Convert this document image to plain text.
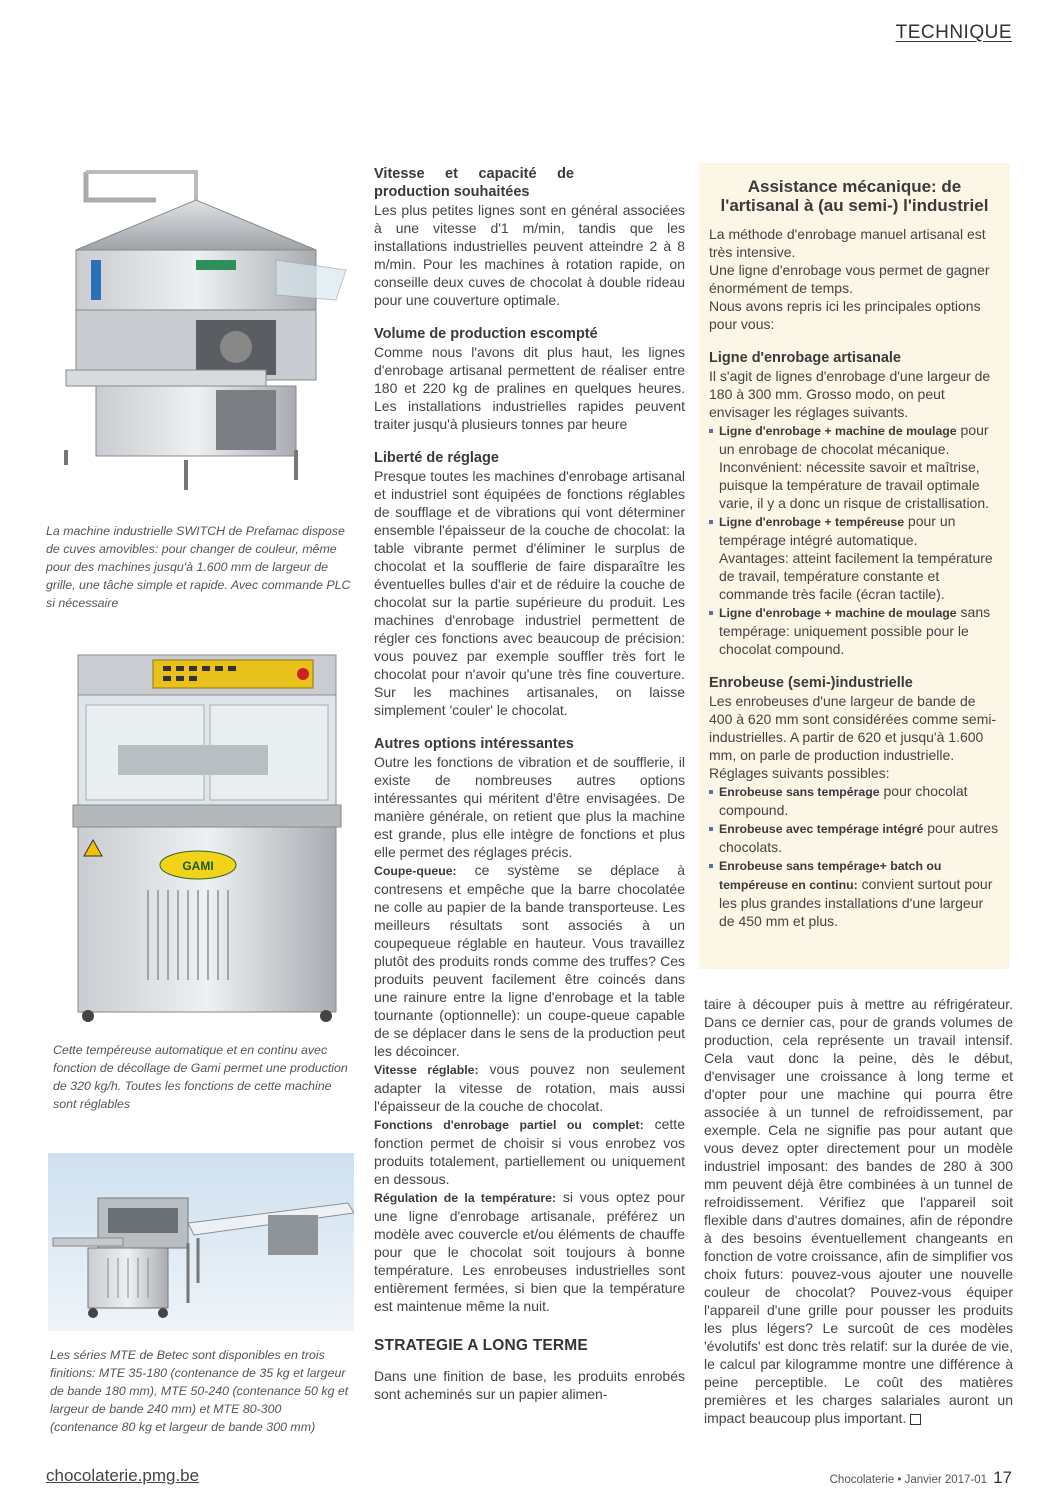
TECHNIQUE
La machine industrielle SWITCH de Prefamac dispose de cuves amovibles: pour changer de couleur, même pour des machines jusqu'à 1.600 mm de largeur de grille, une tâche simple et rapide. Avec commande PLC si nécessaire
GAMI
Cette tempéreuse automatique et en continu avec fonction de décollage de Gami permet une production de 320 kg/h. Toutes les fonctions de cette machine sont réglables
Les séries MTE de Betec sont disponibles en trois finitions: MTE 35-180 (contenance de 35 kg et largeur de bande 180 mm), MTE 50-240 (contenance 50 kg et largeur de bande 240 mm) et MTE 80-300 (contenance 80 kg et largeur de bande 300 mm)
Vitesse et capacité de production souhaitées

Les plus petites lignes sont en général associées à une vitesse d'1 m/min, tandis que les installations industrielles peuvent atteindre 2 à 8 m/min. Pour les machines à rotation rapide, on conseille deux cuves de chocolat à double rideau pour une couverture optimale.

Volume de production escompté

Comme nous l'avons dit plus haut, les lignes d'enrobage artisanal permettent de réaliser entre 180 et 220 kg de pralines en quelques heures. Les installations industrielles rapides peuvent traiter jusqu'à plusieurs tonnes par heure

Liberté de réglage

Presque toutes les machines d'enrobage artisanal et industriel sont équipées de fonctions réglables de soufflage et de vibrations qui vont déterminer ensemble l'épaisseur de la couche de chocolat: la table vibrante permet d'éliminer le surplus de chocolat et la soufflerie de faire disparaître les éventuelles bulles d'air et de réduire la couche de chocolat sur la partie supérieure du produit. Les machines d'enrobage industriel permettent de régler ces fonctions avec beaucoup de précision: vous pouvez par exemple souffler très fort le chocolat pour n'avoir qu'une très fine couverture. Sur les machines artisanales, on laisse simplement 'couler' le chocolat.

Autres options intéressantes

Outre les fonctions de vibration et de soufflerie, il existe de nombreuses autres options intéressantes qui méritent d'être envisagées. De manière générale, on retient que plus la machine est grande, plus elle intègre de fonctions et plus elle permet des réglages précis.

Coupe-queue: ce système se déplace à contresens et empêche que la barre chocolatée ne colle au papier de la bande transporteuse. Les meilleurs résultats sont associés à un coupequeue réglable en hauteur. Vous travaillez plutôt des produits ronds comme des truffes? Ces produits peuvent facilement être coincés dans une rainure entre la ligne d'enrobage et la table tournante (optionnelle): un coupe-queue capable de se déplacer dans le sens de la production peut les décoincer.

Vitesse réglable: vous pouvez non seulement adapter la vitesse de rotation, mais aussi l'épaisseur de la couche de chocolat.

Fonctions d'enrobage partiel ou complet: cette fonction permet de choisir si vous enrobez vos produits totalement, partiellement ou uniquement en dessous.

Régulation de la température: si vous optez pour une ligne d'enrobage artisanale, préférez un modèle avec couvercle et/ou éléments de chauffe pour que le chocolat soit toujours à bonne température. Les enrobeuses industrielles sont entièrement fermées, si bien que la température est maintenue même la nuit.

STRATEGIE A LONG TERME

Dans une finition de base, les produits enrobés sont acheminés sur un papier alimen-

Assistance mécanique: de l'artisanal à (au semi-) l'industriel

La méthode d'enrobage manuel artisanal est très intensive.

Une ligne d'enrobage vous permet de gagner énormément de temps.

Nous avons repris ici les principales options pour vous:

Ligne d'enrobage artisanale

Il s'agit de lignes d'enrobage d'une largeur de 180 à 300 mm. Grosso modo, on peut envisager les réglages suivants.

Ligne d'enrobage + machine de moulage pour un enrobage de chocolat mécanique.

Inconvénient: nécessite savoir et maîtrise, puisque la température de travail optimale varie, il y a donc un risque de cristallisation.

Ligne d'enrobage + tempéreuse pour un tempérage intégré automatique.

Avantages: atteint facilement la température de travail, température constante et commande très facile (écran tactile).

Ligne d'enrobage + machine de moulage sans tempérage: uniquement possible pour le chocolat compound.

Enrobeuse (semi-)industrielle

Les enrobeuses d'une largeur de bande de 400 à 620 mm sont considérées comme semi-industrielles. A partir de 620 et jusqu'à 1.600 mm, on parle de production industrielle. Réglages suivants possibles:

Enrobeuse sans tempérage pour chocolat compound.

Enrobeuse avec tempérage intégré pour autres chocolats.

Enrobeuse sans tempérage+ batch ou tempéreuse en continu: convient surtout pour les plus grandes installations d'une largeur de 450 mm et plus.

taire à découper puis à mettre au réfrigérateur. Dans ce dernier cas, pour de grands volumes de production, cela représente un travail intensif. Cela vaut donc la peine, dès le début, d'envisager une croissance à long terme et d'opter pour une machine qui pourra être associée à un tunnel de refroidissement, par exemple. Cela ne signifie pas pour autant que vous devez opter directement pour un modèle industriel imposant: des bandes de 280 à 300 mm peuvent déjà être combinées à un tunnel de refroidissement. Vérifiez que l'appareil soit flexible dans d'autres domaines, afin de répondre à des besoins éventuellement changeants en fonction de votre croissance, afin de simplifier vos choix futurs: pouvez-vous ajouter une nouvelle couleur de chocolat? Pouvez-vous équiper l'appareil d'une grille pour pousser les produits les plus légers? Le surcoût de ces modèles 'évolutifs' est donc très relatif: sur la durée de vie, le calcul par kilogramme montre une différence à peine perceptible. Le coût des matières premières et les charges salariales auront un impact beaucoup plus important.

chocolaterie.pmg.be	Chocolaterie • Janvier 2017-01 17
